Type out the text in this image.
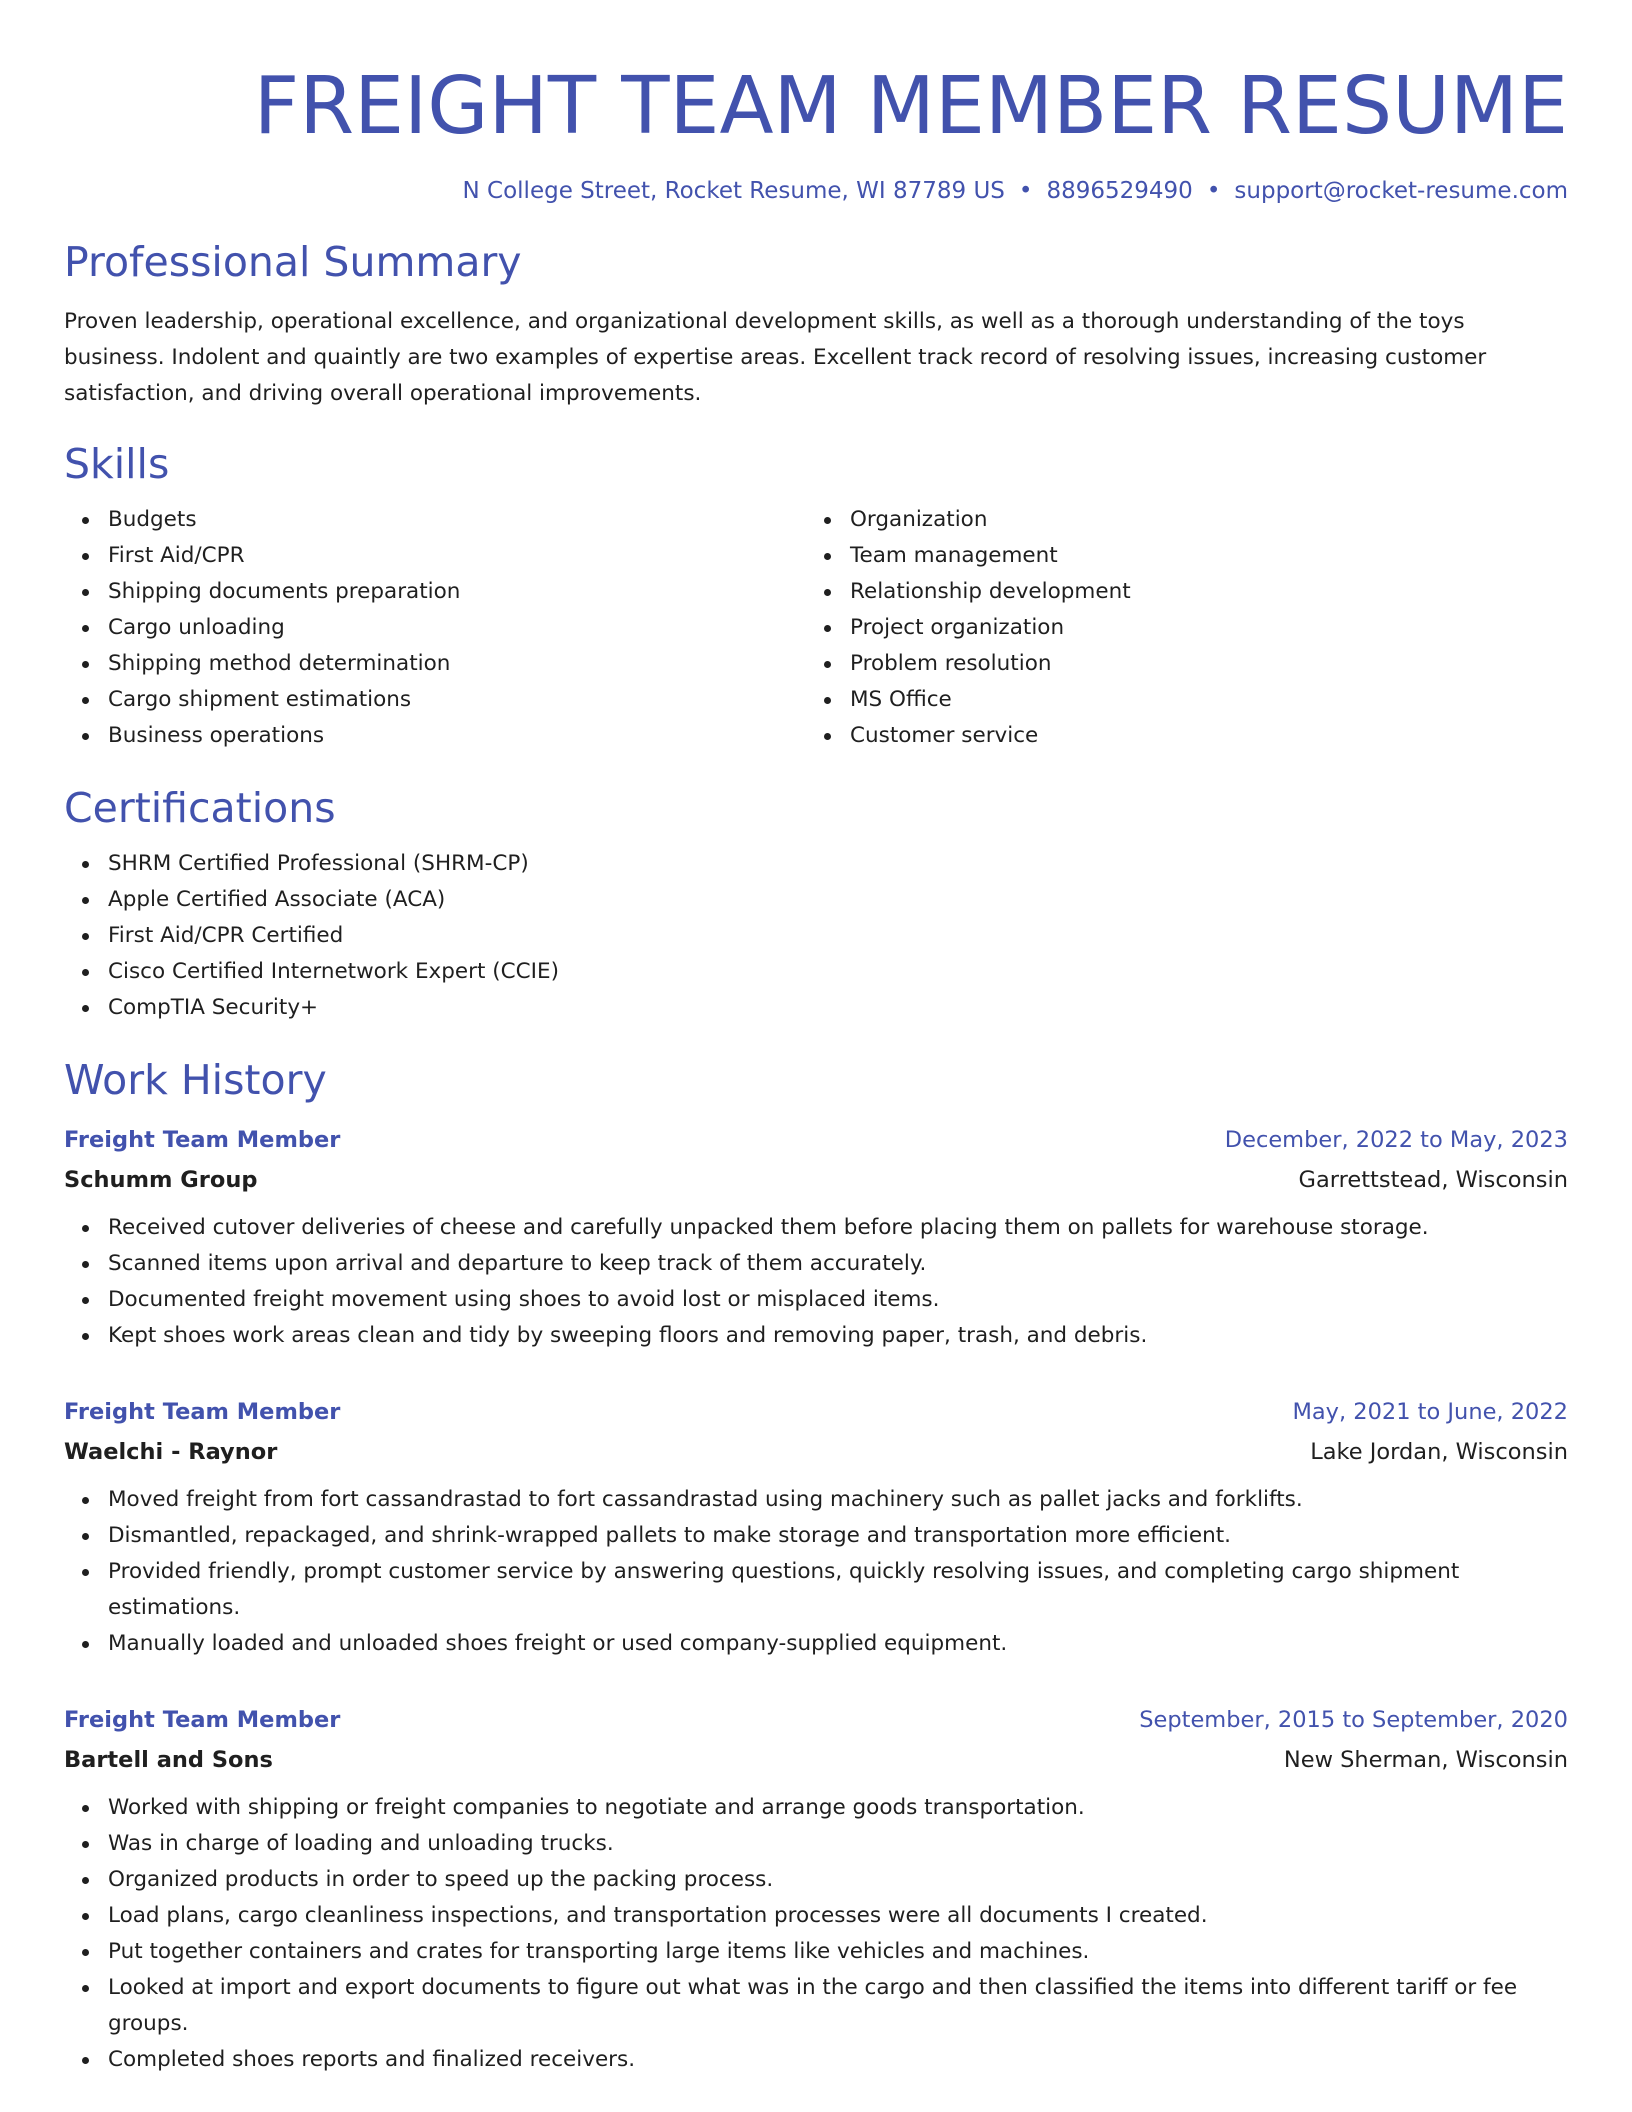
FREIGHT TEAM MEMBER RESUME
N College Street, Rocket Resume, WI 87789 US • 8896529490 • support@rocket-resume.com
Professional Summary

Proven leadership, operational excellence, and organizational development skills, as well as a thorough understanding of the toys business. Indolent and quaintly are two examples of expertise areas. Excellent track record of resolving issues, increasing customer satisfaction, and driving overall operational improvements.

Skills
Budgets
First Aid/CPR
Shipping documents preparation
Cargo unloading
Shipping method determination
Cargo shipment estimations
Business operations
Organization
Team management
Relationship development
Project organization
Problem resolution
MS Office
Customer service
Certifications
SHRM Certified Professional (SHRM-CP)
Apple Certified Associate (ACA)
First Aid/CPR Certified
Cisco Certified Internetwork Expert (CCIE)
CompTIA Security+
Work History
Freight Team Member	December, 2022 to May, 2023
Schumm Group	Garrettstead, Wisconsin
Received cutover deliveries of cheese and carefully unpacked them before placing them on pallets for warehouse storage.
Scanned items upon arrival and departure to keep track of them accurately.
Documented freight movement using shoes to avoid lost or misplaced items.
Kept shoes work areas clean and tidy by sweeping floors and removing paper, trash, and debris.
Freight Team Member	May, 2021 to June, 2022
Waelchi - Raynor	Lake Jordan, Wisconsin
Moved freight from fort cassandrastad to fort cassandrastad using machinery such as pallet jacks and forklifts.
Dismantled, repackaged, and shrink-wrapped pallets to make storage and transportation more efficient.
Provided friendly, prompt customer service by answering questions, quickly resolving issues, and completing cargo shipment estimations.
Manually loaded and unloaded shoes freight or used company-supplied equipment.
Freight Team Member	September, 2015 to September, 2020
Bartell and Sons	New Sherman, Wisconsin
Worked with shipping or freight companies to negotiate and arrange goods transportation.
Was in charge of loading and unloading trucks.
Organized products in order to speed up the packing process.
Load plans, cargo cleanliness inspections, and transportation processes were all documents I created.
Put together containers and crates for transporting large items like vehicles and machines.
Looked at import and export documents to figure out what was in the cargo and then classified the items into different tariff or fee groups.
Completed shoes reports and finalized receivers.
